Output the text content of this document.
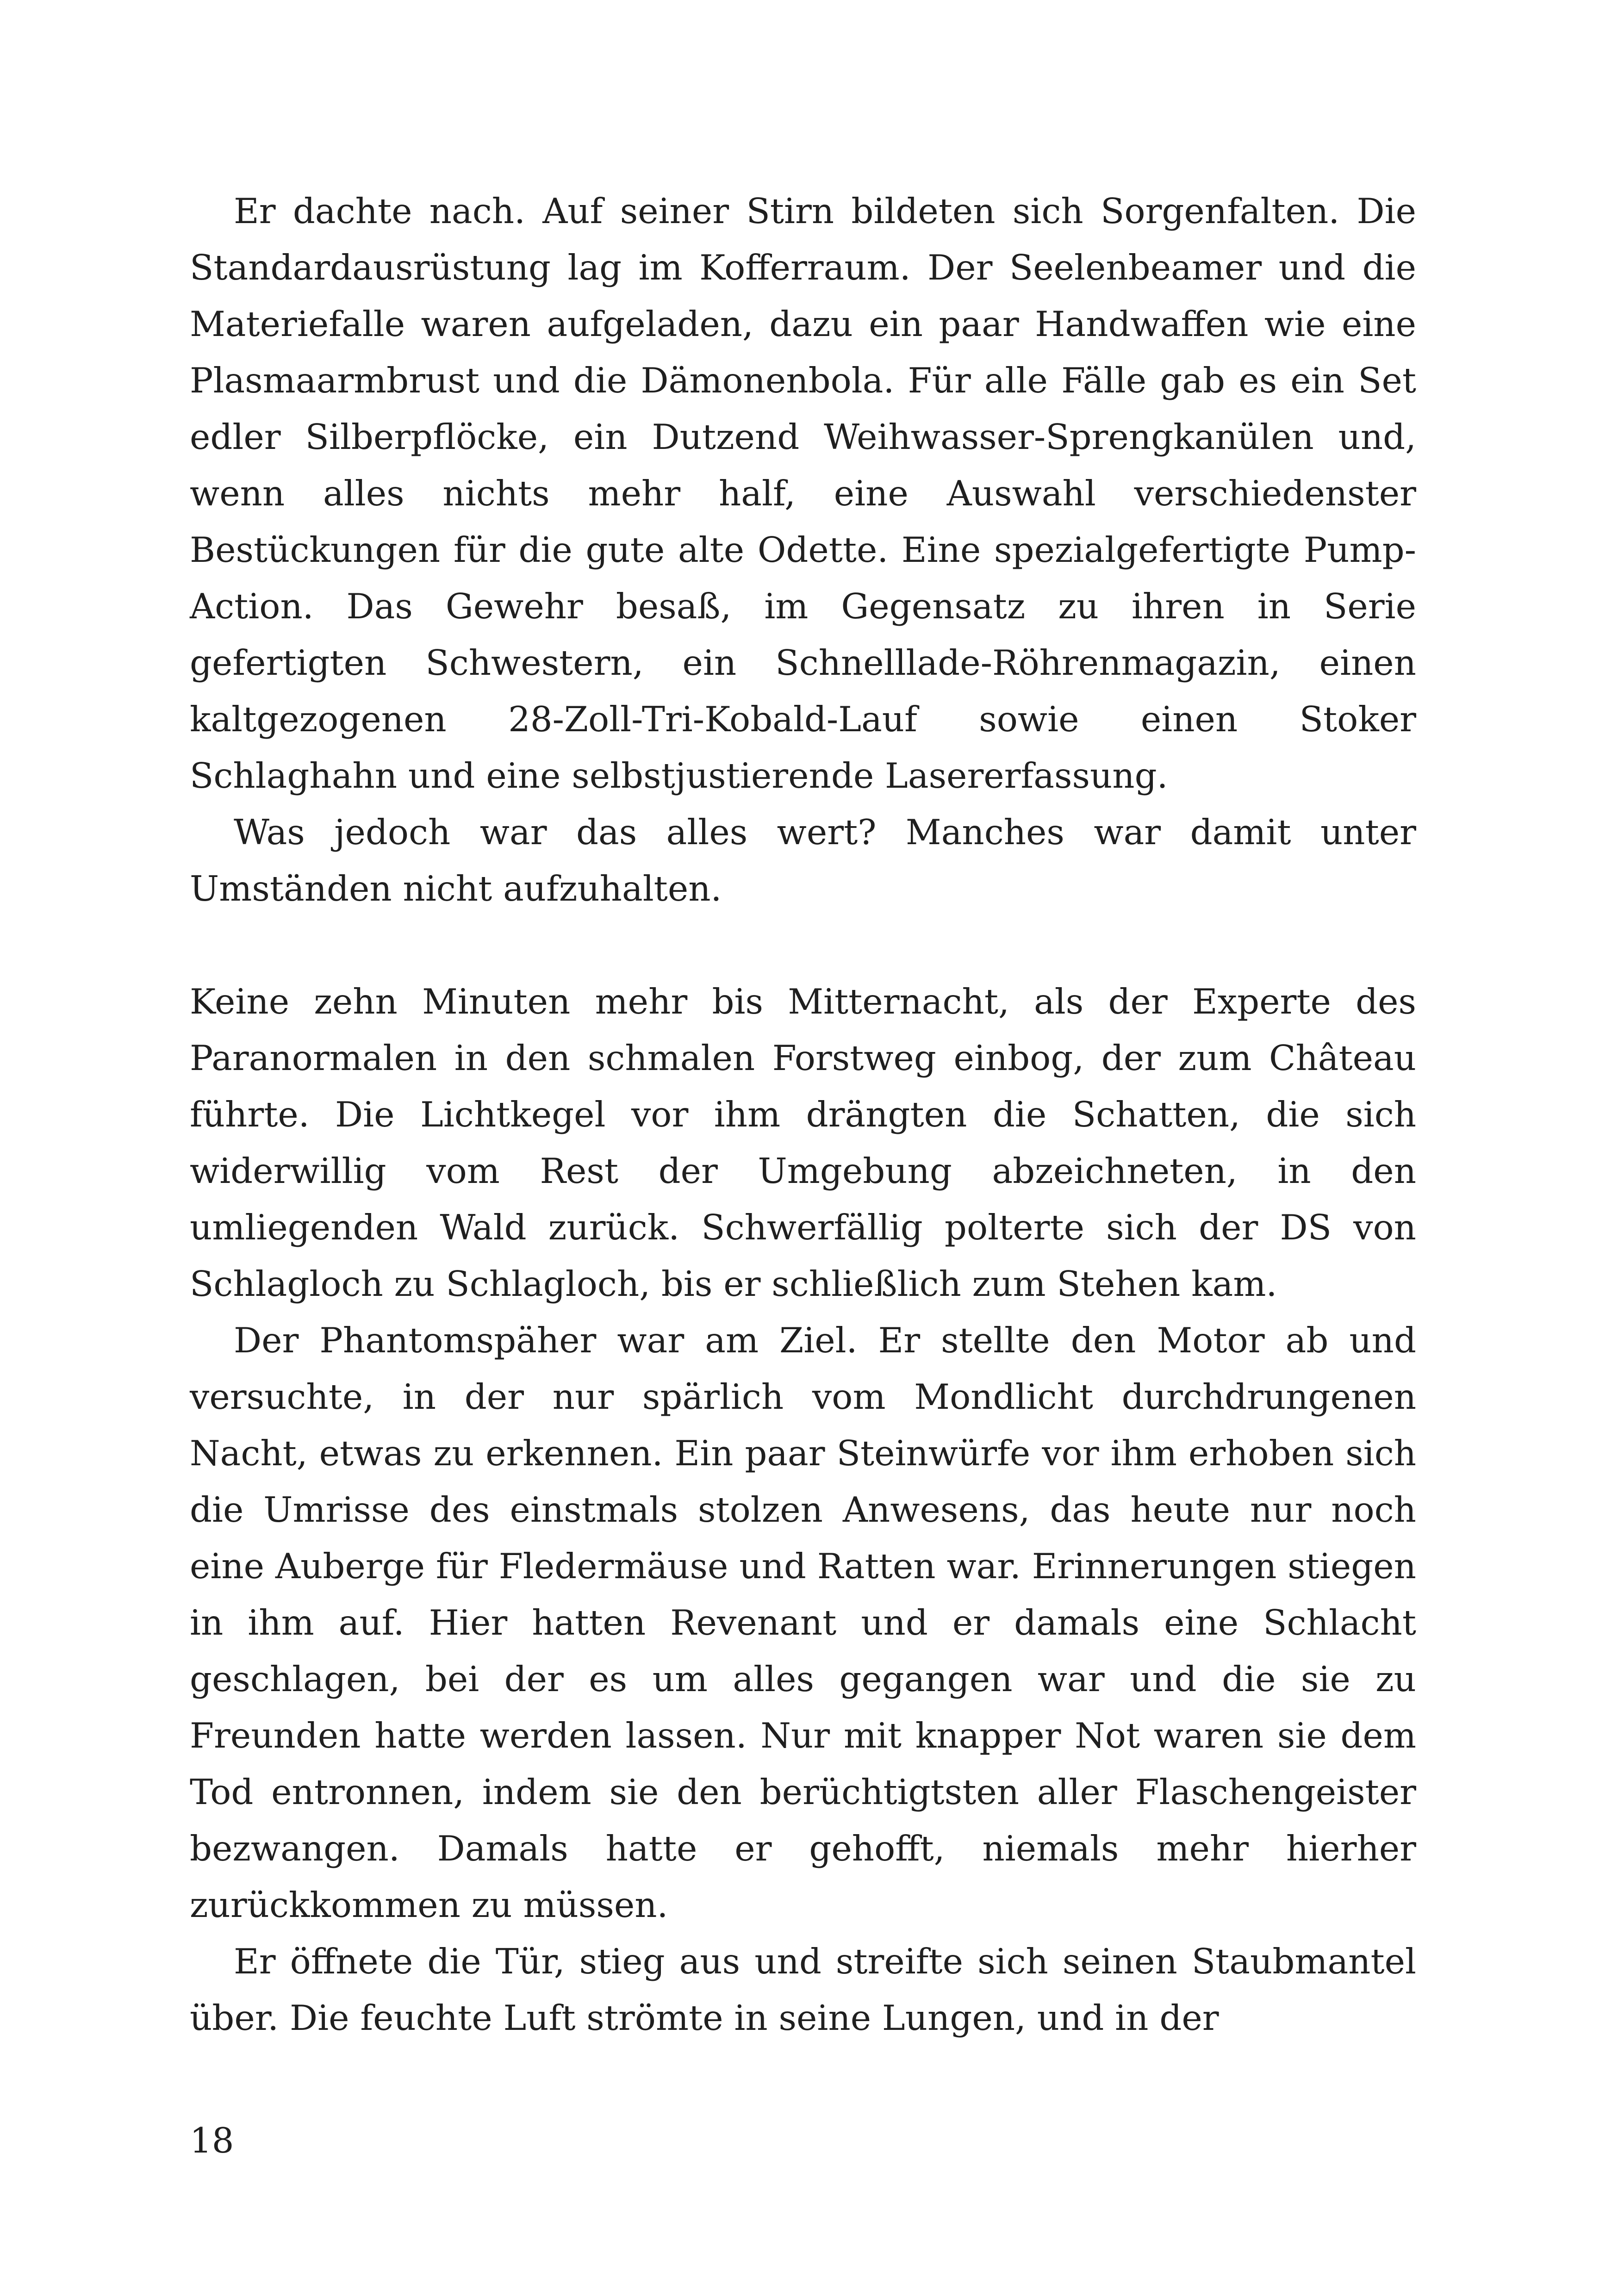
Er dachte nach. Auf seiner Stirn bildeten sich Sorgenfalten. Die Standardausrüstung lag im Kofferraum. Der Seelenbeamer und die Materiefalle waren aufgeladen, dazu ein paar Handwaffen wie eine Plasmaarmbrust und die Dämonenbola. Für alle Fälle gab es ein Set edler Silberpflöcke, ein Dutzend Weihwasser-Sprengkanülen und, wenn alles nichts mehr half, eine Auswahl verschiedenster Bestückungen für die gute alte Odette. Eine spezialgefertigte Pump-Action. Das Gewehr besaß, im Gegensatz zu ihren in Serie gefertigten Schwestern, ein Schnelllade-Röhrenmagazin, einen kaltgezogenen 28-Zoll-Tri-Kobald-Lauf sowie einen Stoker Schlaghahn und eine selbstjustierende Lasererfassung.

Was jedoch war das alles wert? Manches war damit unter Umständen nicht aufzuhalten.

Keine zehn Minuten mehr bis Mitternacht, als der Experte des Paranormalen in den schmalen Forstweg einbog, der zum Château führte. Die Lichtkegel vor ihm drängten die Schatten, die sich widerwillig vom Rest der Umgebung abzeichneten, in den umliegenden Wald zurück. Schwerfällig polterte sich der DS von Schlagloch zu Schlagloch, bis er schließlich zum Stehen kam.

Der Phantomspäher war am Ziel. Er stellte den Motor ab und versuchte, in der nur spärlich vom Mondlicht durchdrungenen Nacht, etwas zu erkennen. Ein paar Steinwürfe vor ihm erhoben sich die Umrisse des einstmals stolzen Anwesens, das heute nur noch eine Auberge für Fledermäuse und Ratten war. Erinnerungen stiegen in ihm auf. Hier hatten Revenant und er damals eine Schlacht geschlagen, bei der es um alles gegangen war und die sie zu Freunden hatte werden lassen. Nur mit knapper Not waren sie dem Tod entronnen, indem sie den berüchtigtsten aller Flaschengeister bezwangen. Damals hatte er gehofft, niemals mehr hierher zurückkommen zu müssen.

Er öffnete die Tür, stieg aus und streifte sich seinen Staubmantel über. Die feuchte Luft strömte in seine Lungen, und in der

18
